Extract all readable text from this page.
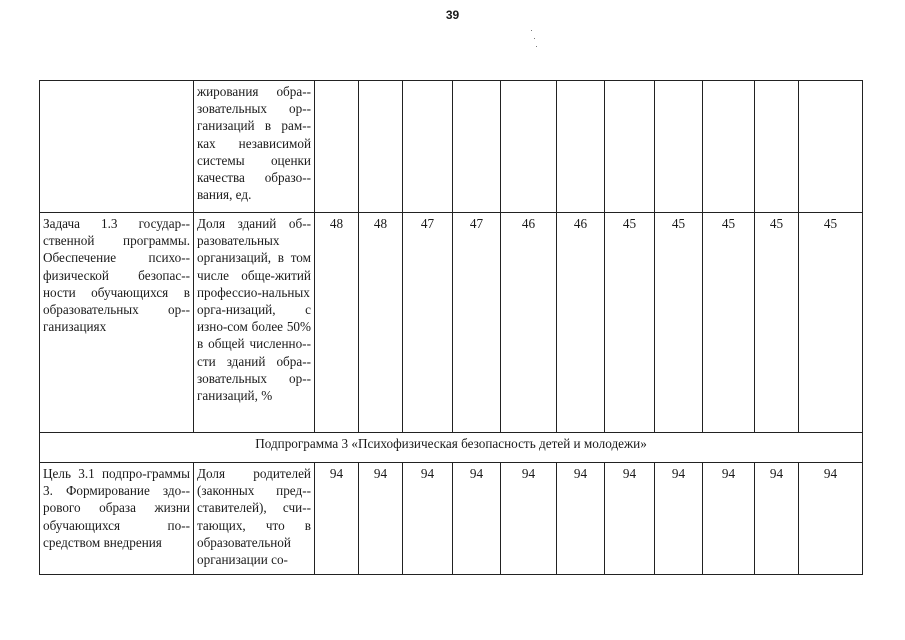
39
	жирования обра-зовательных ор-ганизаций в рам-ках независимой системы оценки качества образо-вания, ед.											
Задача 1.3 государ-ственной программы. Обеспечение психо-физической безопас-ности обучающихся в образовательных ор-ганизациях	Доля зданий об-разовательных организаций, в том числе обще-житий профессио-нальных орга-низаций, с изно-сом более 50% в общей численно-сти зданий обра-зовательных ор-ганизаций, %	48	48	47	47	46	46	45	45	45	45	45
Подпрограмма 3 «Психофизическая безопасность детей и молодежи»												
Цель 3.1 подпро-граммы 3. Формирование здо-рового образа жизни обучающихся по-средством внедрения	Доля родителей (законных пред-ставителей), счи-тающих, что в образовательной организации со-	94	94	94	94	94	94	94	94	94	94	94
